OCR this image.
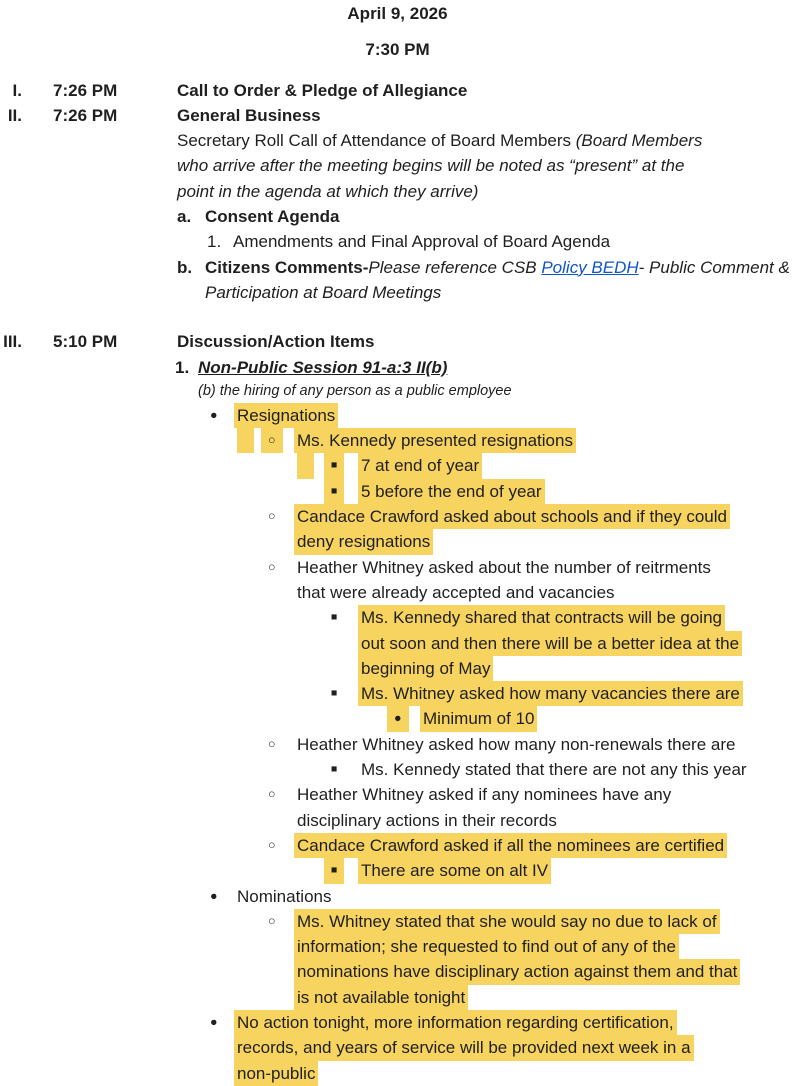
April 9, 2026
7:30 PM
I. 7:26 PM	Call to Order & Pledge of Allegiance
II. 7:26 PM	General Business
Secretary Roll Call of Attendance of Board Members (Board Members
who arrive after the meeting begins will be noted as “present” at the
point in the agenda at which they arrive)
a. Consent Agenda
1. Amendments and Final Approval of Board Agenda
b. Citizens Comments-Please reference CSB Policy BEDH- Public Comment &
Participation at Board Meetings
III. 5:10 PM	Discussion/Action Items
1. Non-Public Session 91-a:3 II(b)
(b) the hiring of any person as a public employee
● Resignations
○	Ms. Kennedy presented resignations
■	7 at end of year
■	5 before the end of year
○ Candace Crawford asked about schools and if they could
deny resignations
○ Heather Whitney asked about the number of reitrments
that were already accepted and vacancies
■ Ms. Kennedy shared that contracts will be going
out soon and then there will be a better idea at the
beginning of May
■ Ms. Whitney asked how many vacancies there are
●	Minimum of 10
○ Heather Whitney asked how many non-renewals there are
■ Ms. Kennedy stated that there are not any this year
○ Heather Whitney asked if any nominees have any
disciplinary actions in their records
○ Candace Crawford asked if all the nominees are certified
■	There are some on alt IV
● Nominations
○ Ms. Whitney stated that she would say no due to lack of
information; she requested to find out of any of the
nominations have disciplinary action against them and that
is not available tonight
● No action tonight, more information regarding certification,
records, and years of service will be provided next week in a
non-public
